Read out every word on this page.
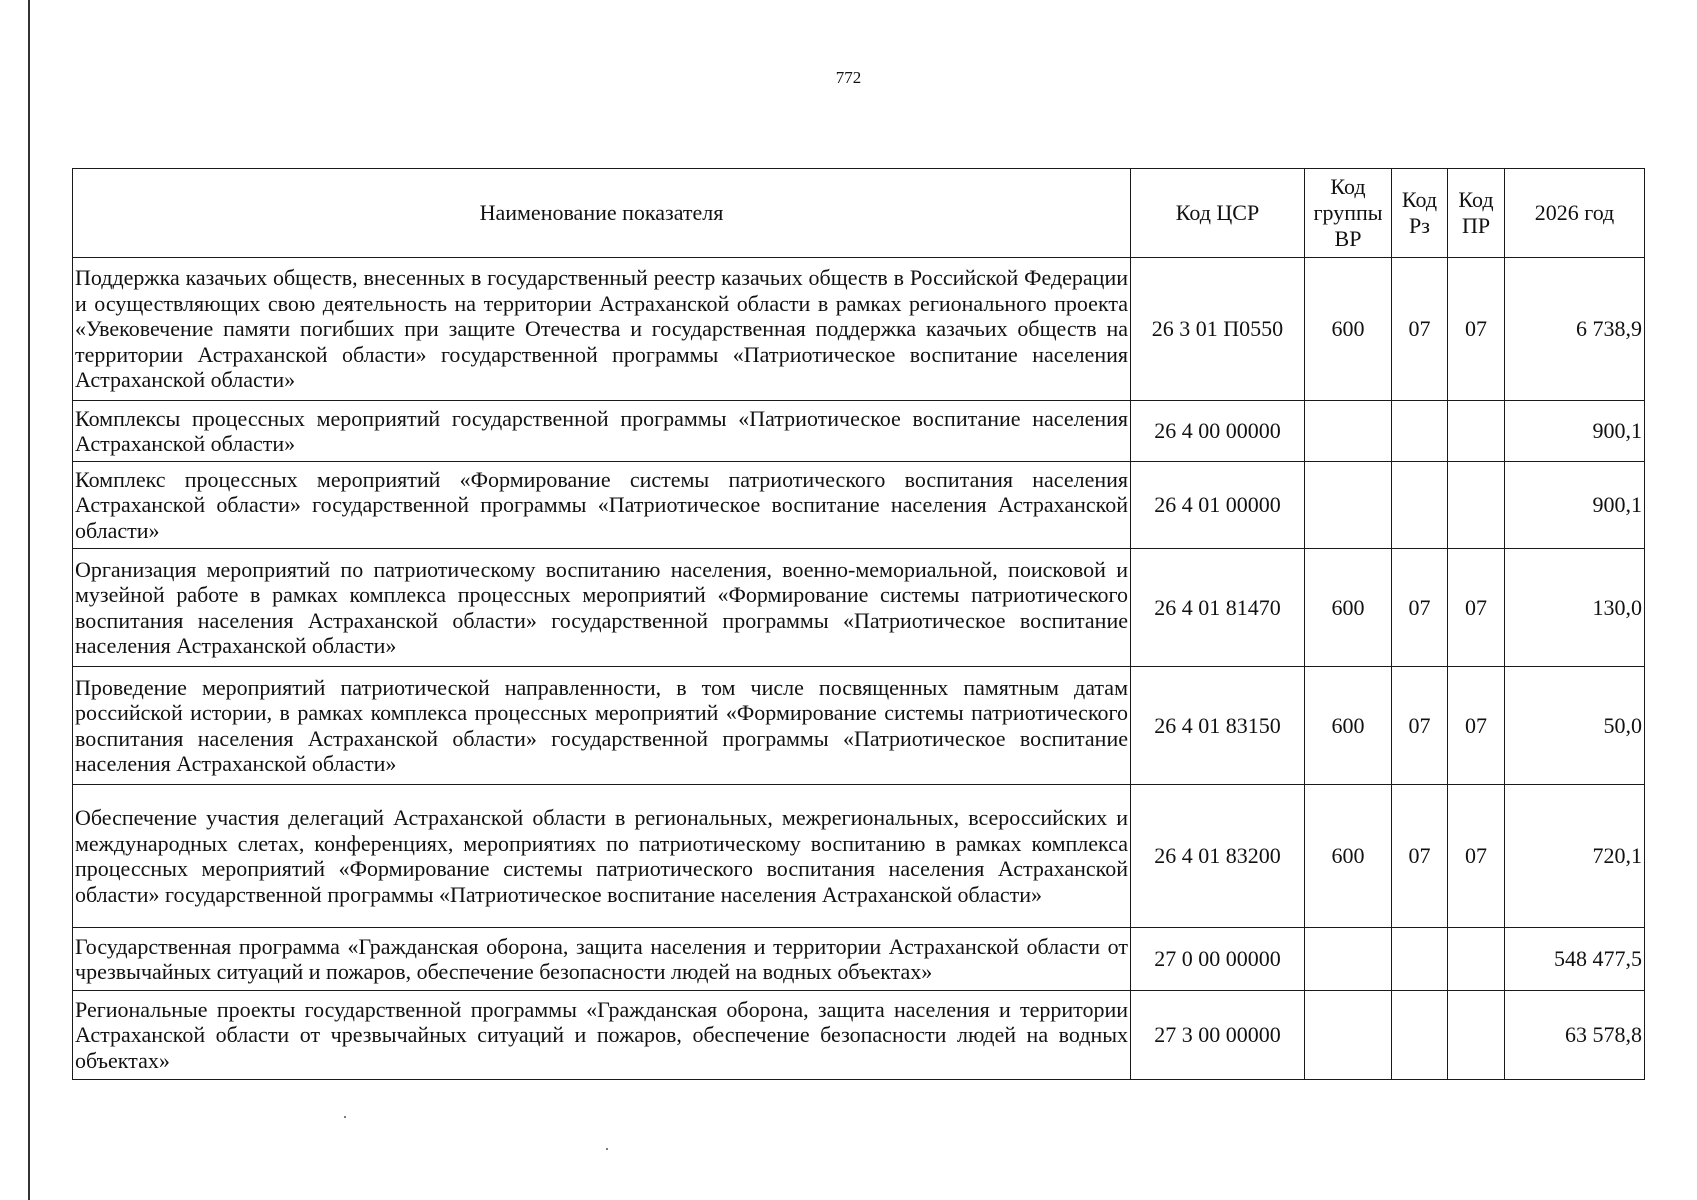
772
Наименование показателя	Код ЦСР	Код группы ВР	Код Рз	Код ПР	2026 год
Поддержка казачьих обществ, внесенных в государственный реестр казачьих обществ в Российской Федерации и осуществляющих свою деятельность на территории Астраханской области в рамках регионального проекта «Увековечение памяти погибших при защите Отечества и государственная поддержка казачьих обществ на территории Астраханской области» государственной программы «Патриотическое воспитание населения Астраханской области»	26 3 01 П0550	600	07	07	6 738,9
Комплексы процессных мероприятий государственной программы «Патриотическое воспитание населения Астраханской области»	26 4 00 00000				900,1
Комплекс процессных мероприятий «Формирование системы патриотического воспитания населения Астраханской области» государственной программы «Патриотическое воспитание населения Астраханской области»	26 4 01 00000				900,1
Организация мероприятий по патриотическому воспитанию населения, военно-мемориальной, поисковой и музейной работе в рамках комплекса процессных мероприятий «Формирование системы патриотического воспитания населения Астраханской области» государственной программы «Патриотическое воспитание населения Астраханской области»	26 4 01 81470	600	07	07	130,0
Проведение мероприятий патриотической направленности, в том числе посвященных памятным датам российской истории, в рамках комплекса процессных мероприятий «Формирование системы патриотического воспитания населения Астраханской области» государственной программы «Патриотическое воспитание населения Астраханской области»	26 4 01 83150	600	07	07	50,0
Обеспечение участия делегаций Астраханской области в региональных, межрегиональных, всероссийских и международных слетах, конференциях, мероприятиях по патриотическому воспитанию в рамках комплекса процессных мероприятий «Формирование системы патриотического воспитания населения Астраханской области» государственной программы «Патриотическое воспитание населения Астраханской области»	26 4 01 83200	600	07	07	720,1
Государственная программа «Гражданская оборона, защита населения и территории Астраханской области от чрезвычайных ситуаций и пожаров, обеспечение безопасности людей на водных объектах»	27 0 00 00000				548 477,5
Региональные проекты государственной программы «Гражданская оборона, защита населения и территории Астраханской области от чрезвычайных ситуаций и пожаров, обеспечение безопасности людей на водных объектах»	27 3 00 00000				63 578,8
